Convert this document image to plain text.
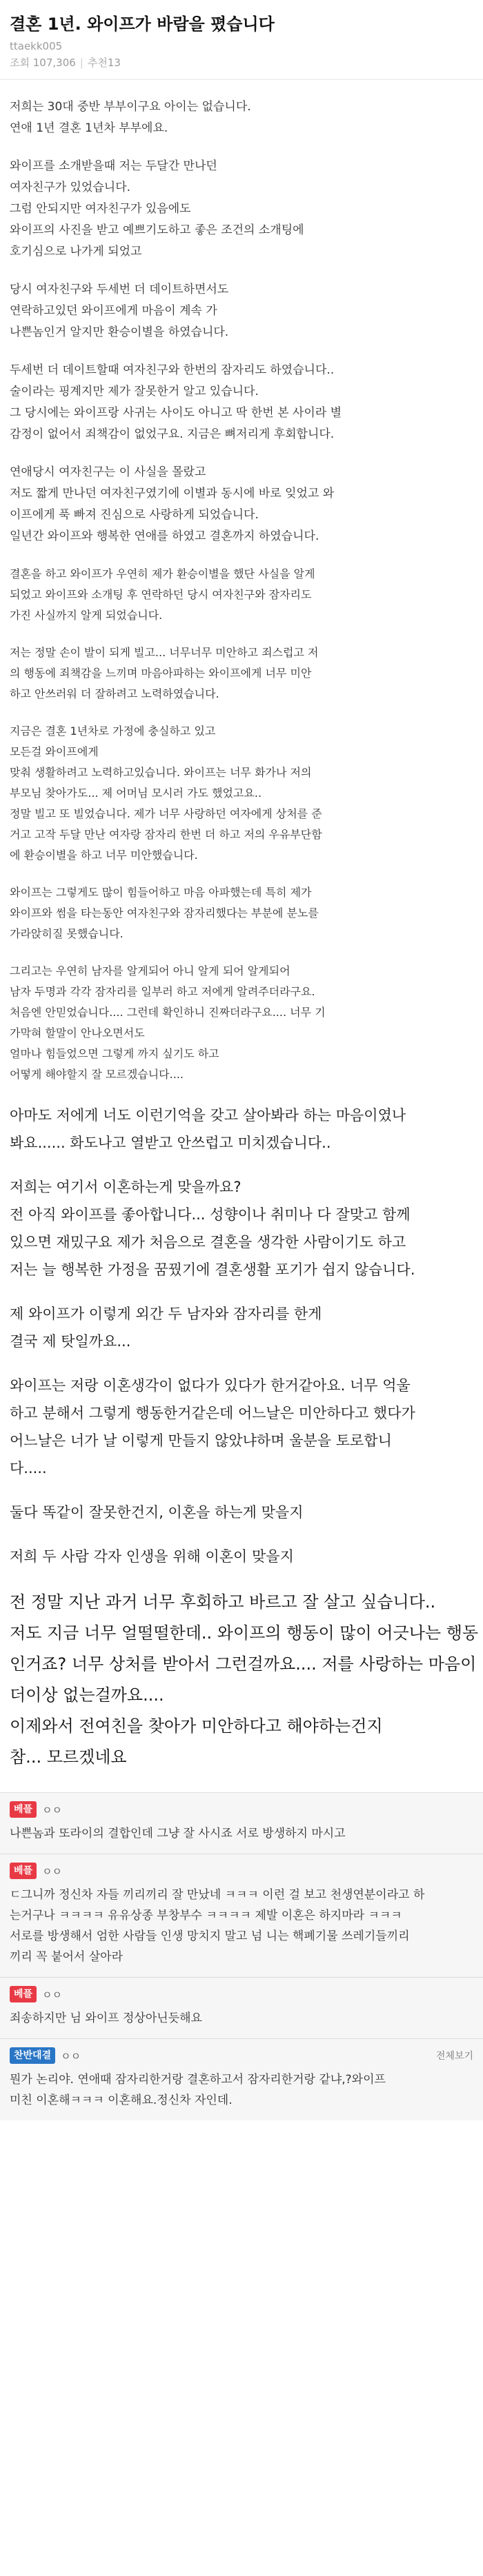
결혼 1년. 와이프가 바람을 폈습니다
ttaekk005
조회 107,306 | 추천13
저희는 30대 중반 부부이구요 아이는 없습니다.
연애 1년 결혼 1년차 부부에요.
와이프를 소개받을때 저는 두달간 만나던
여자친구가 있었습니다.
그럼 안되지만 여자친구가 있음에도
와이프의 사진을 받고 예쁘기도하고 좋은 조건의 소개팅에
호기심으로 나가게 되었고
당시 여자친구와 두세번 더 데이트하면서도
연락하고있던 와이프에게 마음이 계속 가
나쁜놈인거 알지만 환승이별을 하였습니다.
두세번 더 데이트할때 여자친구와 한번의 잠자리도 하였습니다..
술이라는 핑계지만 제가 잘못한거 알고 있습니다.
그 당시에는 와이프랑 사귀는 사이도 아니고 딱 한번 본 사이라 별
감정이 없어서 죄책감이 없었구요. 지금은 뼈저리게 후회합니다.
연애당시 여자친구는 이 사실을 몰랐고
저도 짧게 만나던 여자친구였기에 이별과 동시에 바로 잊었고 와
이프에게 푹 빠져 진심으로 사랑하게 되었습니다.
일년간 와이프와 행복한 연애를 하였고 결혼까지 하였습니다.
결혼을 하고 와이프가 우연히 제가 환승이별을 했단 사실을 알게
되었고 와이프와 소개팅 후 연락하던 당시 여자친구와 잠자리도
가진 사실까지 알게 되었습니다.
저는 정말 손이 발이 되게 빌고... 너무너무 미안하고 죄스럽고 저
의 행동에 죄책감을 느끼며 마음아파하는 와이프에게 너무 미안
하고 안쓰러워 더 잘하려고 노력하였습니다.
지금은 결혼 1년차로 가정에 충실하고 있고
모든걸 와이프에게
맞춰 생활하려고 노력하고있습니다. 와이프는 너무 화가나 저의
부모님 찾아가도... 제 어머님 모시러 가도 했었고요..
정말 빌고 또 빌었습니다. 제가 너무 사랑하던 여자에게 상처를 준
거고 고작 두달 만난 여자랑 잠자리 한번 더 하고 저의 우유부단함
에 환승이별을 하고 너무 미안했습니다.
와이프는 그렇게도 많이 힘들어하고 마음 아파했는데 특히 제가
와이프와 썸을 타는동안 여자친구와 잠자리했다는 부분에 분노를
가라앉히질 못했습니다.
그리고는 우연히 남자를 알게되어 아니 알게 되어 알게되어
남자 두명과 각각 잠자리를 일부러 하고 저에게 알려주더라구요.
처음엔 안믿었습니다.... 그런데 확인하니 진짜더라구요.... 너무 기
가막혀 할말이 안나오면서도
얼마나 힘들었으면 그렇게 까지 싶기도 하고
어떻게 해야할지 잘 모르겠습니다....
아마도 저에게 너도 이런기억을 갖고 살아봐라 하는 마음이였나
봐요...... 화도나고 열받고 안쓰럽고 미치겠습니다..
저희는 여기서 이혼하는게 맞을까요?
전 아직 와이프를 좋아합니다... 성향이나 취미나 다 잘맞고 함께
있으면 재밌구요 제가 처음으로 결혼을 생각한 사람이기도 하고
저는 늘 행복한 가정을 꿈꿨기에 결혼생활 포기가 쉽지 않습니다.
제 와이프가 이렇게 외간 두 남자와 잠자리를 한게
결국 제 탓일까요...
와이프는 저랑 이혼생각이 없다가 있다가 한거같아요. 너무 억울
하고 분해서 그렇게 행동한거같은데 어느날은 미안하다고 했다가
어느날은 너가 날 이렇게 만들지 않았냐하며 울분을 토로합니
다.....
둘다 똑같이 잘못한건지, 이혼을 하는게 맞을지
저희 두 사람 각자 인생을 위해 이혼이 맞을지
전 정말 지난 과거 너무 후회하고 바르고 잘 살고 싶습니다..
저도 지금 너무 얼떨떨한데.. 와이프의 행동이 많이 어긋나는 행동
인거죠? 너무 상처를 받아서 그런걸까요.... 저를 사랑하는 마음이
더이상 없는걸까요....
이제와서 전여친을 찾아가 미안하다고 해야하는건지
참... 모르겠네요
베플 ㅇㅇ
나쁜놈과 또라이의 결합인데 그냥 잘 사시죠 서로 방생하지 마시고
베플 ㅇㅇ
ㄷ그니까 정신차 자들 끼리끼리 잘 만났네 ㅋㅋㅋ 이런 걸 보고 천생연분이라고 하
는거구나 ㅋㅋㅋㅋ 유유상종 부창부수 ㅋㅋㅋㅋ 제발 이혼은 하지마라 ㅋㅋㅋ
서로를 방생해서 엄한 사람들 인생 망치지 말고 넘 니는 핵폐기물 쓰레기들끼리
끼리 꼭 붙어서 살아라
베플 ㅇㅇ
죄송하지만 님 와이프 정상아닌듯해요
찬반대결 ㅇㅇ	전체보기
뭔가 논리야. 연애때 잠자리한거랑 결혼하고서 잠자리한거랑 같냐,?와이프
미친 이혼해ㅋㅋㅋ 이혼해요.정신차 자인데.
